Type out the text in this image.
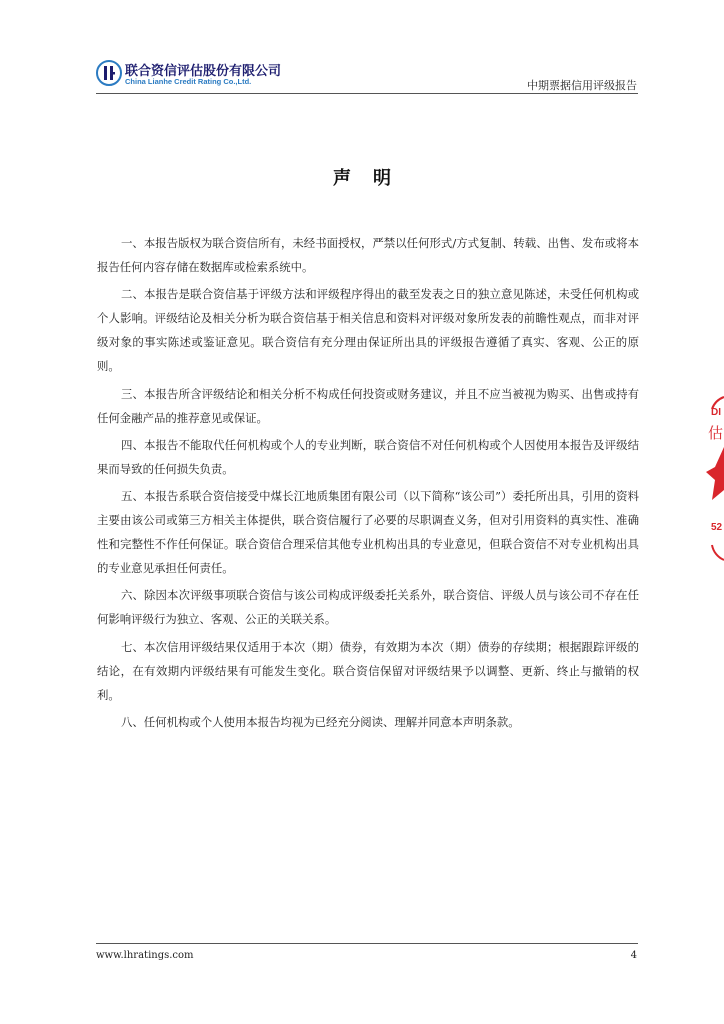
联合资信评估股份有限公司
China Lianhe Credit Rating Co.,Ltd.	中期票据信用评级报告
声明

一、本报告版权为联合资信所有，未经书面授权，严禁以任何形式/方式复制、转载、出售、发布或将本报告任何内容存储在数据库或检索系统中。

二、本报告是联合资信基于评级方法和评级程序得出的截至发表之日的独立意见陈述，未受任何机构或个人影响。评级结论及相关分析为联合资信基于相关信息和资料对评级对象所发表的前瞻性观点，而非对评级对象的事实陈述或鉴证意见。联合资信有充分理由保证所出具的评级报告遵循了真实、客观、公正的原则。

三、本报告所含评级结论和相关分析不构成任何投资或财务建议，并且不应当被视为购买、出售或持有任何金融产品的推荐意见或保证。

四、本报告不能取代任何机构或个人的专业判断，联合资信不对任何机构或个人因使用本报告及评级结果而导致的任何损失负责。

五、本报告系联合资信接受中煤长江地质集团有限公司（以下简称“该公司”）委托所出具，引用的资料主要由该公司或第三方相关主体提供，联合资信履行了必要的尽职调查义务，但对引用资料的真实性、准确性和完整性不作任何保证。联合资信合理采信其他专业机构出具的专业意见，但联合资信不对专业机构出具的专业意见承担任何责任。

六、除因本次评级事项联合资信与该公司构成评级委托关系外，联合资信、评级人员与该公司不存在任何影响评级行为独立、客观、公正的关联关系。

七、本次信用评级结果仅适用于本次（期）债券，有效期为本次（期）债券的存续期；根据跟踪评级的结论，在有效期内评级结果有可能发生变化。联合资信保留对评级结果予以调整、更新、终止与撤销的权利。

八、任何机构或个人使用本报告均视为已经充分阅读、理解并同意本声明条款。

www.lhratings.com	4
DI
估
52
